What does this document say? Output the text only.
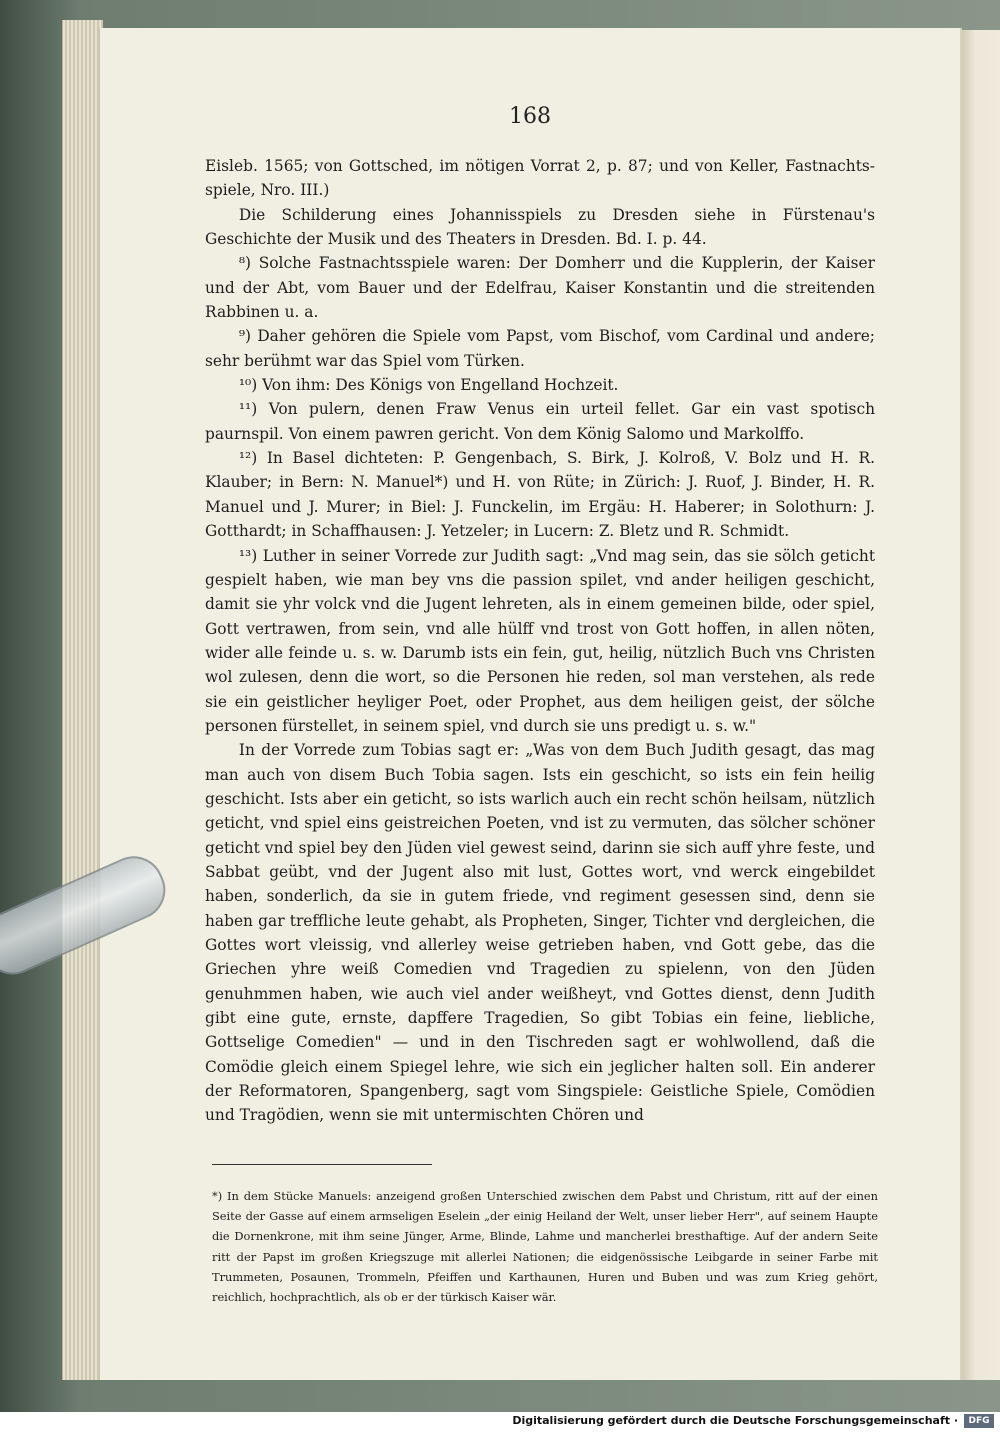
168

Eisleb. 1565; von Gottsched, im nötigen Vorrat 2, p. 87; und von Keller, Fastnachts-spiele, Nro. III.)

Die Schilderung eines Johannisspiels zu Dresden siehe in Fürstenau's Geschichte der Musik und des Theaters in Dresden. Bd. I. p. 44.

⁸) Solche Fastnachtsspiele waren: Der Domherr und die Kupplerin, der Kaiser und der Abt, vom Bauer und der Edelfrau, Kaiser Konstantin und die streitenden Rabbinen u. a.

⁹) Daher gehören die Spiele vom Papst, vom Bischof, vom Cardinal und andere; sehr berühmt war das Spiel vom Türken.

¹⁰) Von ihm: Des Königs von Engelland Hochzeit.

¹¹) Von pulern, denen Fraw Venus ein urteil fellet. Gar ein vast spotisch paurnspil. Von einem pawren gericht. Von dem König Salomo und Markolffo.

¹²) In Basel dichteten: P. Gengenbach, S. Birk, J. Kolroß, V. Bolz und H. R. Klauber; in Bern: N. Manuel*) und H. von Rüte; in Zürich: J. Ruof, J. Binder, H. R. Manuel und J. Murer; in Biel: J. Funckelin, im Ergäu: H. Haberer; in Solothurn: J. Gotthardt; in Schaffhausen: J. Yetzeler; in Lucern: Z. Bletz und R. Schmidt.

¹³) Luther in seiner Vorrede zur Judith sagt: „Vnd mag sein, das sie sölch geticht gespielt haben, wie man bey vns die passion spilet, vnd ander heiligen geschicht, damit sie yhr volck vnd die Jugent lehreten, als in einem gemeinen bilde, oder spiel, Gott vertrawen, from sein, vnd alle hülff vnd trost von Gott hoffen, in allen nöten, wider alle feinde u. s. w. Darumb ists ein fein, gut, heilig, nützlich Buch vns Christen wol zulesen, denn die wort, so die Personen hie reden, sol man verstehen, als rede sie ein geistlicher heyliger Poet, oder Prophet, aus dem heiligen geist, der sölche personen fürstellet, in seinem spiel, vnd durch sie uns predigt u. s. w."

In der Vorrede zum Tobias sagt er: „Was von dem Buch Judith gesagt, das mag man auch von disem Buch Tobia sagen. Ists ein geschicht, so ists ein fein heilig geschicht. Ists aber ein geticht, so ists warlich auch ein recht schön heilsam, nützlich geticht, vnd spiel eins geistreichen Poeten, vnd ist zu vermuten, das sölcher schöner geticht vnd spiel bey den Jüden viel gewest seind, darinn sie sich auff yhre feste, und Sabbat geübt, vnd der Jugent also mit lust, Gottes wort, vnd werck eingebildet haben, sonderlich, da sie in gutem friede, vnd regiment gesessen sind, denn sie haben gar treffliche leute gehabt, als Propheten, Singer, Tichter vnd dergleichen, die Gottes wort vleissig, vnd allerley weise getrieben haben, vnd Gott gebe, das die Griechen yhre weiß Comedien vnd Tragedien zu spielenn, von den Jüden genuhmmen haben, wie auch viel ander weißheyt, vnd Gottes dienst, denn Judith gibt eine gute, ernste, dapffere Tragedien, So gibt Tobias ein feine, liebliche, Gottselige Comedien" — und in den Tischreden sagt er wohlwollend, daß die Comödie gleich einem Spiegel lehre, wie sich ein jeglicher halten soll. Ein anderer der Reformatoren, Spangenberg, sagt vom Singspiele: Geistliche Spiele, Comödien und Tragödien, wenn sie mit untermischten Chören und

*) In dem Stücke Manuels: anzeigend großen Unterschied zwischen dem Pabst und Christum, ritt auf der einen Seite der Gasse auf einem armseligen Eselein „der einig Heiland der Welt, unser lieber Herr", auf seinem Haupte die Dornenkrone, mit ihm seine Jünger, Arme, Blinde, Lahme und mancherlei bresthaftige. Auf der andern Seite ritt der Papst im großen Kriegszuge mit allerlei Nationen; die eidgenössische Leibgarde in seiner Farbe mit Trummeten, Posaunen, Trommeln, Pfeiffen und Karthaunen, Huren und Buben und was zum Krieg gehört, reichlich, hochprachtlich, als ob er der türkisch Kaiser wär.

Digitalisierung gefördert durch die Deutsche Forschungsgemeinschaft ·	DFG
